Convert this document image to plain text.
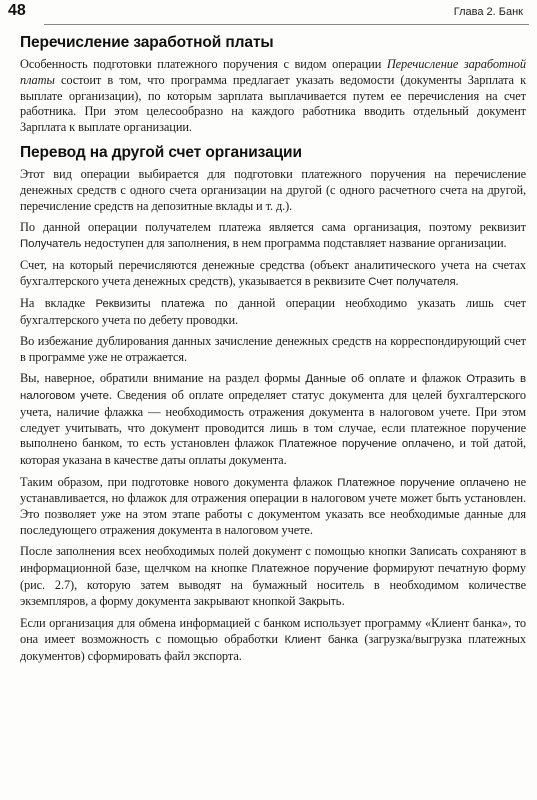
48	Глава 2. Банк
Перечисление заработной платы

Особенность подготовки платежного поручения с видом операции Перечисление заработной платы состоит в том, что программа предлагает указать ведомости (документы Зарплата к выплате организации), по которым зарплата выплачивается путем ее перечисления на счет работника. При этом целесообразно на каждого работника вводить отдельный документ Зарплата к выплате организации.

Перевод на другой счет организации

Этот вид операции выбирается для подготовки платежного поручения на перечисление денежных средств с одного счета организации на другой (с одного расчетного счета на другой, перечисление средств на депозитные вклады и т. д.).

По данной операции получателем платежа является сама организация, поэтому реквизит Получатель недоступен для заполнения, в нем программа подставляет название организации.

Счет, на который перечисляются денежные средства (объект аналитического учета на счетах бухгалтерского учета денежных средств), указывается в реквизите Счет получателя.

На вкладке Реквизиты платежа по данной операции необходимо указать лишь счет бухгалтерского учета по дебету проводки.

Во избежание дублирования данных зачисление денежных средств на корреспондирующий счет в программе уже не отражается.

Вы, наверное, обратили внимание на раздел формы Данные об оплате и флажок Отразить в налоговом учете. Сведения об оплате определяет статус документа для целей бухгалтерского учета, наличие флажка — необходимость отражения документа в налоговом учете. При этом следует учитывать, что документ проводится лишь в том случае, если платежное поручение выполнено банком, то есть установлен флажок Платежное поручение оплачено, и той датой, которая указана в качестве даты оплаты документа.

Таким образом, при подготовке нового документа флажок Платежное поручение оплачено не устанавливается, но флажок для отражения операции в налоговом учете может быть установлен. Это позволяет уже на этом этапе работы с документом указать все необходимые данные для последующего отражения документа в налоговом учете.

После заполнения всех необходимых полей документ с помощью кнопки Записать сохраняют в информационной базе, щелчком на кнопке Платежное поручение формируют печатную форму (рис. 2.7), которую затем выводят на бумажный носитель в необходимом количестве экземпляров, а форму документа закрывают кнопкой Закрыть.

Если организация для обмена информацией с банком использует программу «Клиент банка», то она имеет возможность с помощью обработки Клиент банка (загрузка/выгрузка платежных документов) сформировать файл экспорта.
